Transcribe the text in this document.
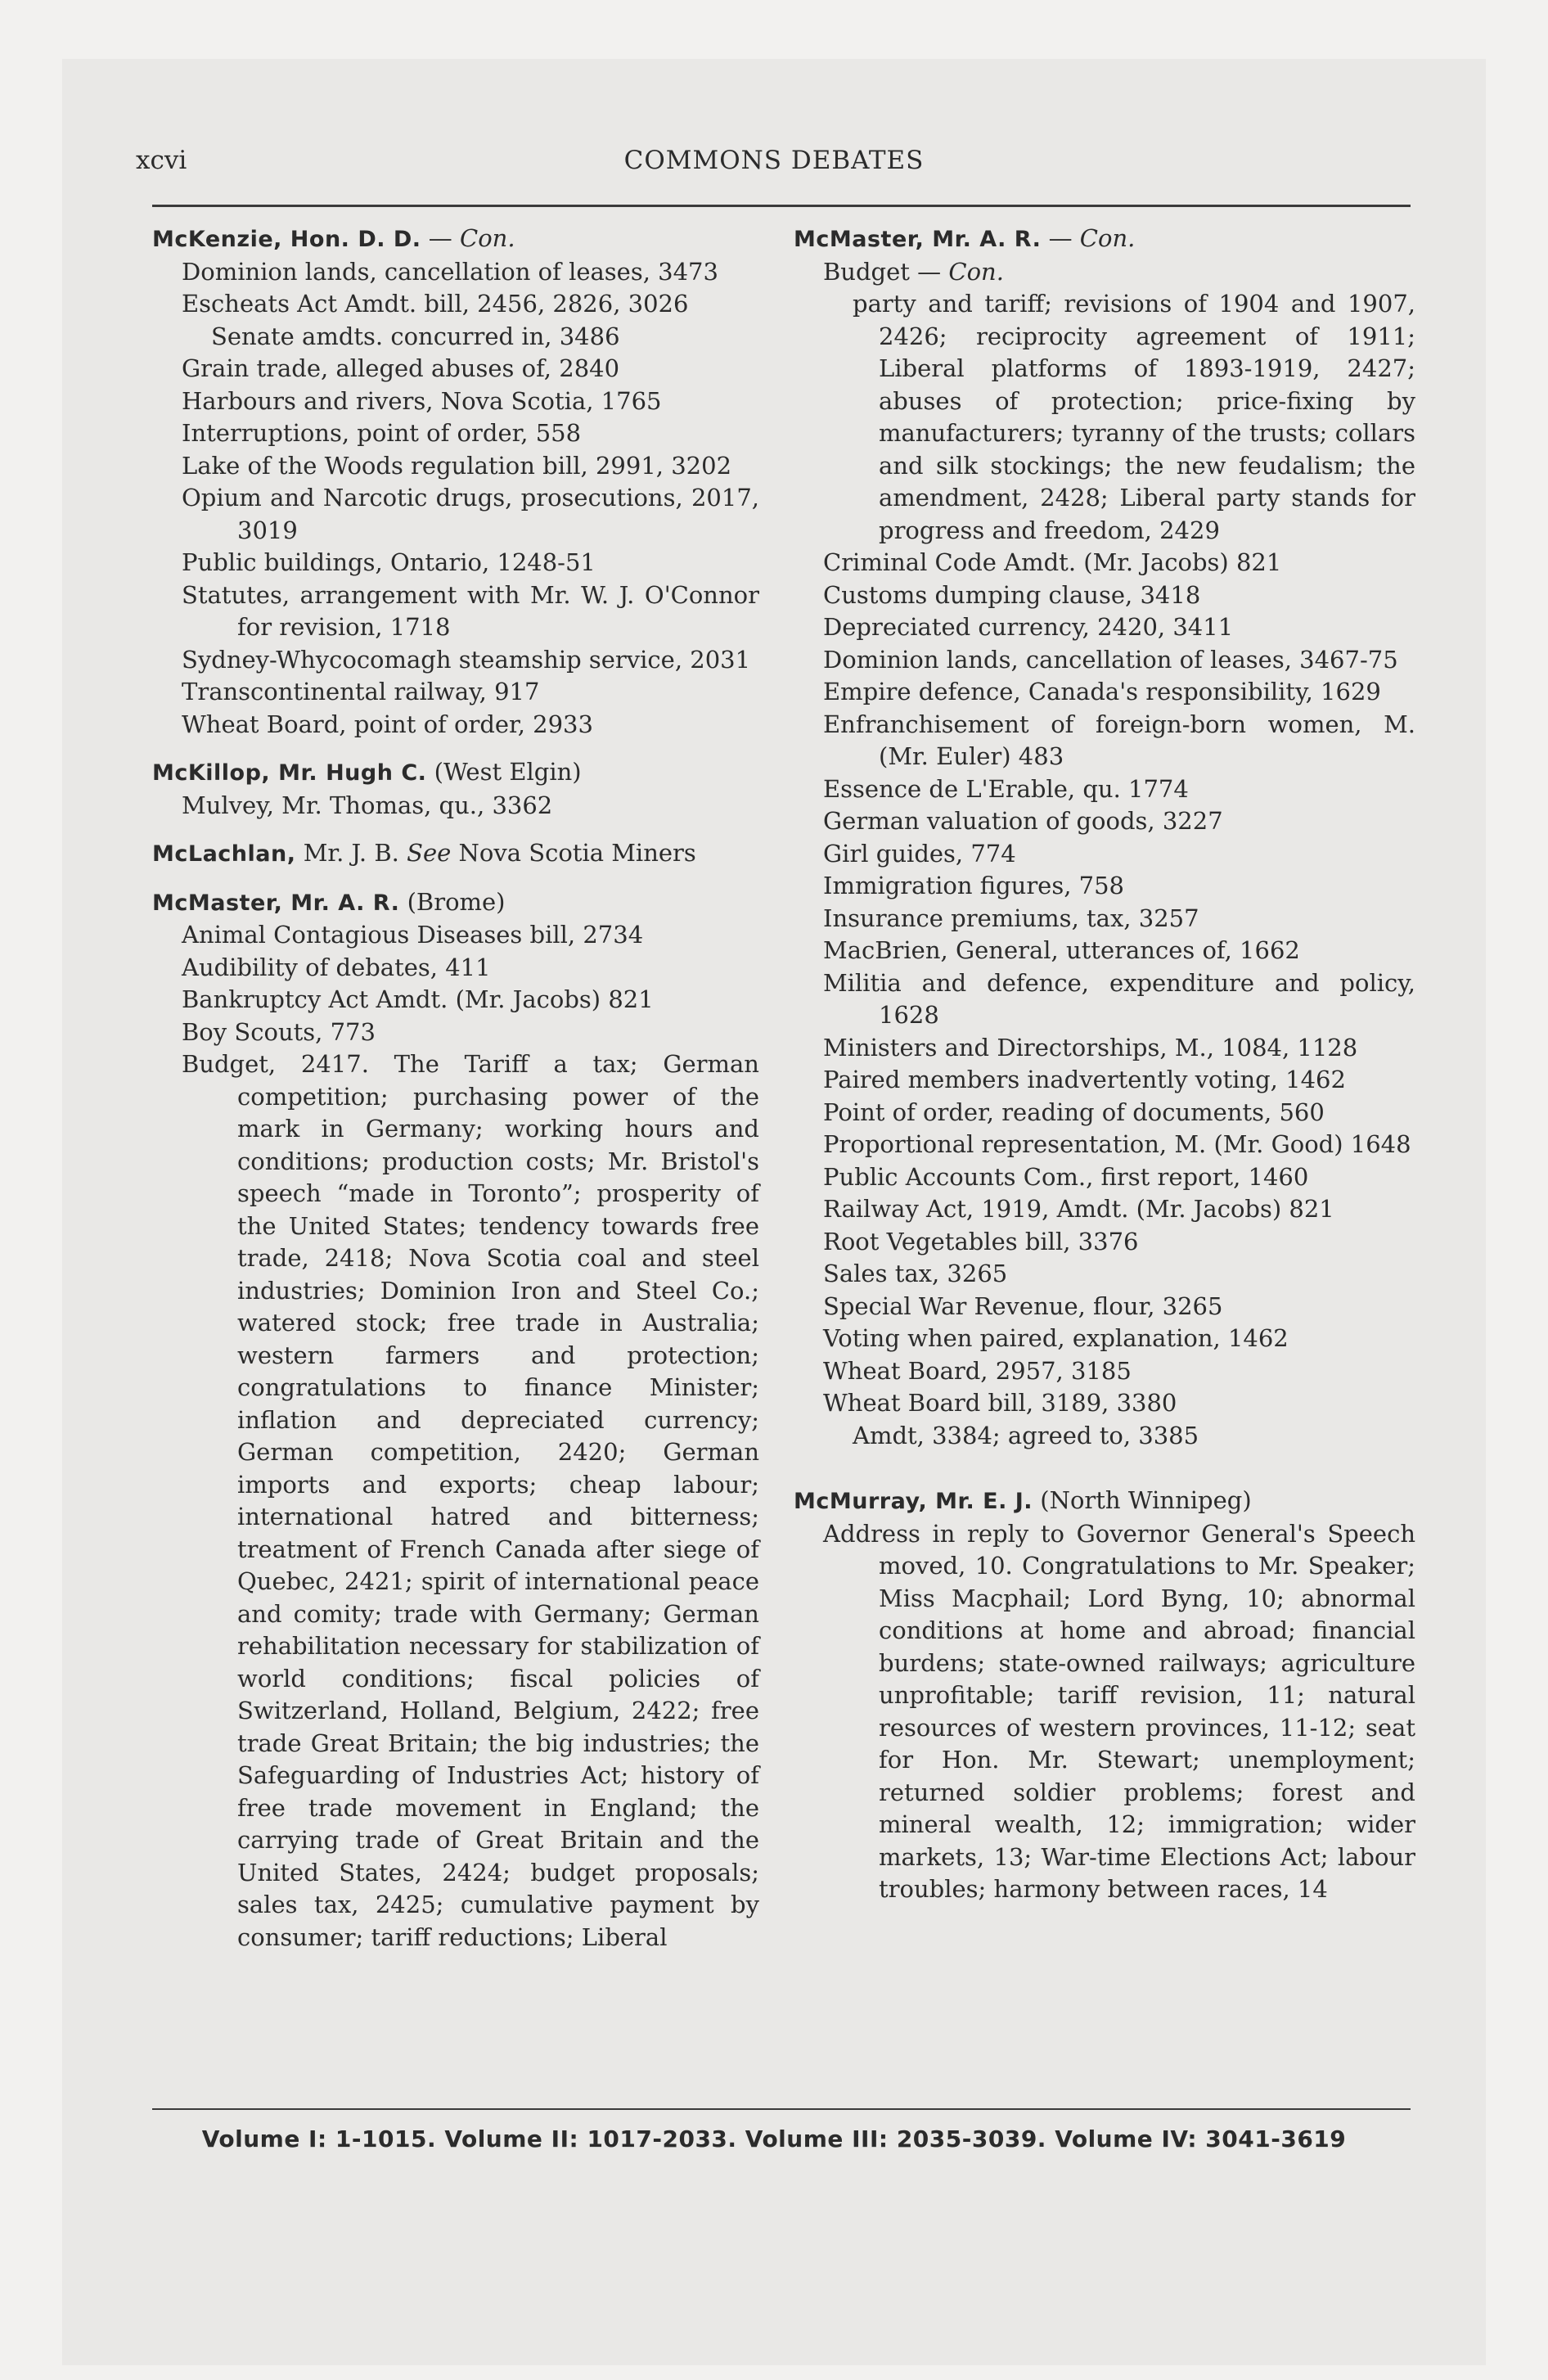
xcvi	COMMONS DEBATES
McKenzie, Hon. D. D. — Con.
Dominion lands, cancellation of leases, 3473
Escheats Act Amdt. bill, 2456, 2826, 3026
Senate amdts. concurred in, 3486
Grain trade, alleged abuses of, 2840
Harbours and rivers, Nova Scotia, 1765
Interruptions, point of order, 558
Lake of the Woods regulation bill, 2991, 3202
Opium and Narcotic drugs, prosecutions, 2017, 3019
Public buildings, Ontario, 1248-51
Statutes, arrangement with Mr. W. J. O'Connor for revision, 1718
Sydney-Whycocomagh steamship service, 2031
Transcontinental railway, 917
Wheat Board, point of order, 2933
McKillop, Mr. Hugh C. (West Elgin)
Mulvey, Mr. Thomas, qu., 3362
McLachlan, Mr. J. B. See Nova Scotia Miners
McMaster, Mr. A. R. (Brome)
Animal Contagious Diseases bill, 2734
Audibility of debates, 411
Bankruptcy Act Amdt. (Mr. Jacobs) 821
Boy Scouts, 773
Budget, 2417. The Tariff a tax; German competition; purchasing power of the mark in Germany; working hours and conditions; production costs; Mr. Bristol's speech “made in Toronto”; prosperity of the United States; tendency towards free trade, 2418; Nova Scotia coal and steel industries; Dominion Iron and Steel Co.; watered stock; free trade in Australia; western farmers and protection; congratulations to finance Minister; inflation and depreciated currency; German competition, 2420; German imports and exports; cheap labour; international hatred and bitterness; treatment of French Canada after siege of Quebec, 2421; spirit of international peace and comity; trade with Germany; German rehabilitation necessary for stabilization of world conditions; fiscal policies of Switzerland, Holland, Belgium, 2422; free trade Great Britain; the big industries; the Safeguarding of Industries Act; history of free trade movement in England; the carrying trade of Great Britain and the United States, 2424; budget proposals; sales tax, 2425; cumulative payment by consumer; tariff reductions; Liberal
McMaster, Mr. A. R. — Con.
Budget — Con.
party and tariff; revisions of 1904 and 1907, 2426; reciprocity agreement of 1911; Liberal platforms of 1893-1919, 2427; abuses of protection; price-fixing by manufacturers; tyranny of the trusts; collars and silk stockings; the new feudalism; the amendment, 2428; Liberal party stands for progress and freedom, 2429
Criminal Code Amdt. (Mr. Jacobs) 821
Customs dumping clause, 3418
Depreciated currency, 2420, 3411
Dominion lands, cancellation of leases, 3467-75
Empire defence, Canada's responsibility, 1629
Enfranchisement of foreign-born women, M. (Mr. Euler) 483
Essence de L'Erable, qu. 1774
German valuation of goods, 3227
Girl guides, 774
Immigration figures, 758
Insurance premiums, tax, 3257
MacBrien, General, utterances of, 1662
Militia and defence, expenditure and policy, 1628
Ministers and Directorships, M., 1084, 1128
Paired members inadvertently voting, 1462
Point of order, reading of documents, 560
Proportional representation, M. (Mr. Good) 1648
Public Accounts Com., first report, 1460
Railway Act, 1919, Amdt. (Mr. Jacobs) 821
Root Vegetables bill, 3376
Sales tax, 3265
Special War Revenue, flour, 3265
Voting when paired, explanation, 1462
Wheat Board, 2957, 3185
Wheat Board bill, 3189, 3380
Amdt, 3384; agreed to, 3385
McMurray, Mr. E. J. (North Winnipeg)
Address in reply to Governor General's Speech moved, 10. Congratulations to Mr. Speaker; Miss Macphail; Lord Byng, 10; abnormal conditions at home and abroad; financial burdens; state-owned railways; agriculture unprofitable; tariff revision, 11; natural resources of western provinces, 11-12; seat for Hon. Mr. Stewart; unemployment; returned soldier problems; forest and mineral wealth, 12; immigration; wider markets, 13; War-time Elections Act; labour troubles; harmony between races, 14
Volume I: 1-1015. Volume II: 1017-2033. Volume III: 2035-3039. Volume IV: 3041-3619
